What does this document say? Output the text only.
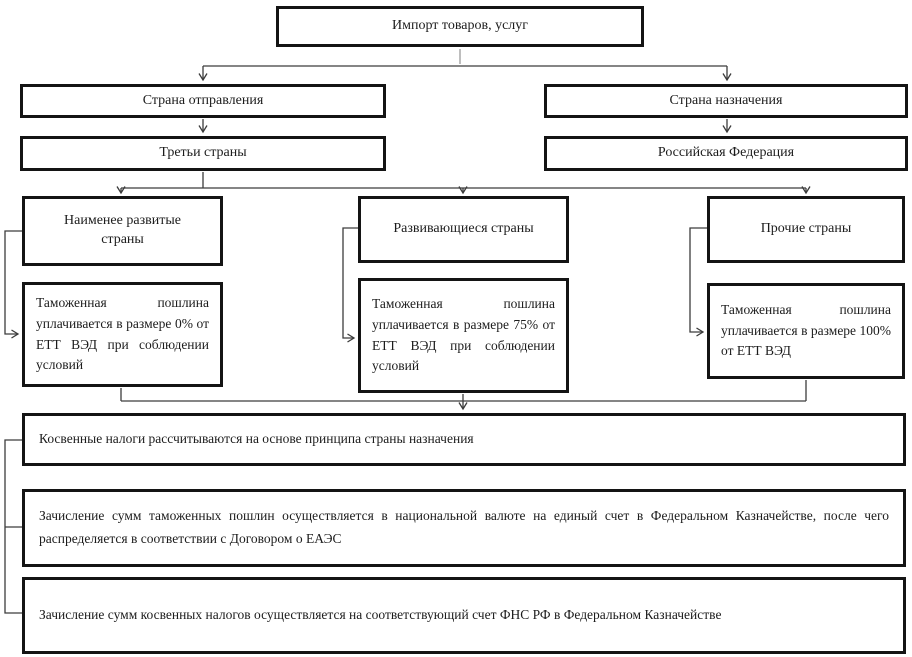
Импорт товаров, услуг
Страна отправления	Страна назначения
Третьи страны	Российская Федерация
Наименее развитые страны
Развивающиеся страны	Прочие страны
Таможенная пошлина уплачивается в размере 0% от ЕТТ ВЭД при соблюдении условий
Таможенная пошлина уплачивается в размере 75% от ЕТТ ВЭД при соблюдении условий
Таможенная пошлина уплачивается в размере 100% от ЕТТ ВЭД
Косвенные налоги рассчитываются на основе принципа страны назначения
Зачисление сумм таможенных пошлин осуществляется в национальной валюте на единый счет в Федеральном Казначействе, после чего распределяется в соответствии с Договором о ЕАЭС
Зачисление сумм косвенных налогов осуществляется на соответствующий счет ФНС РФ в Федеральном Казначействе
